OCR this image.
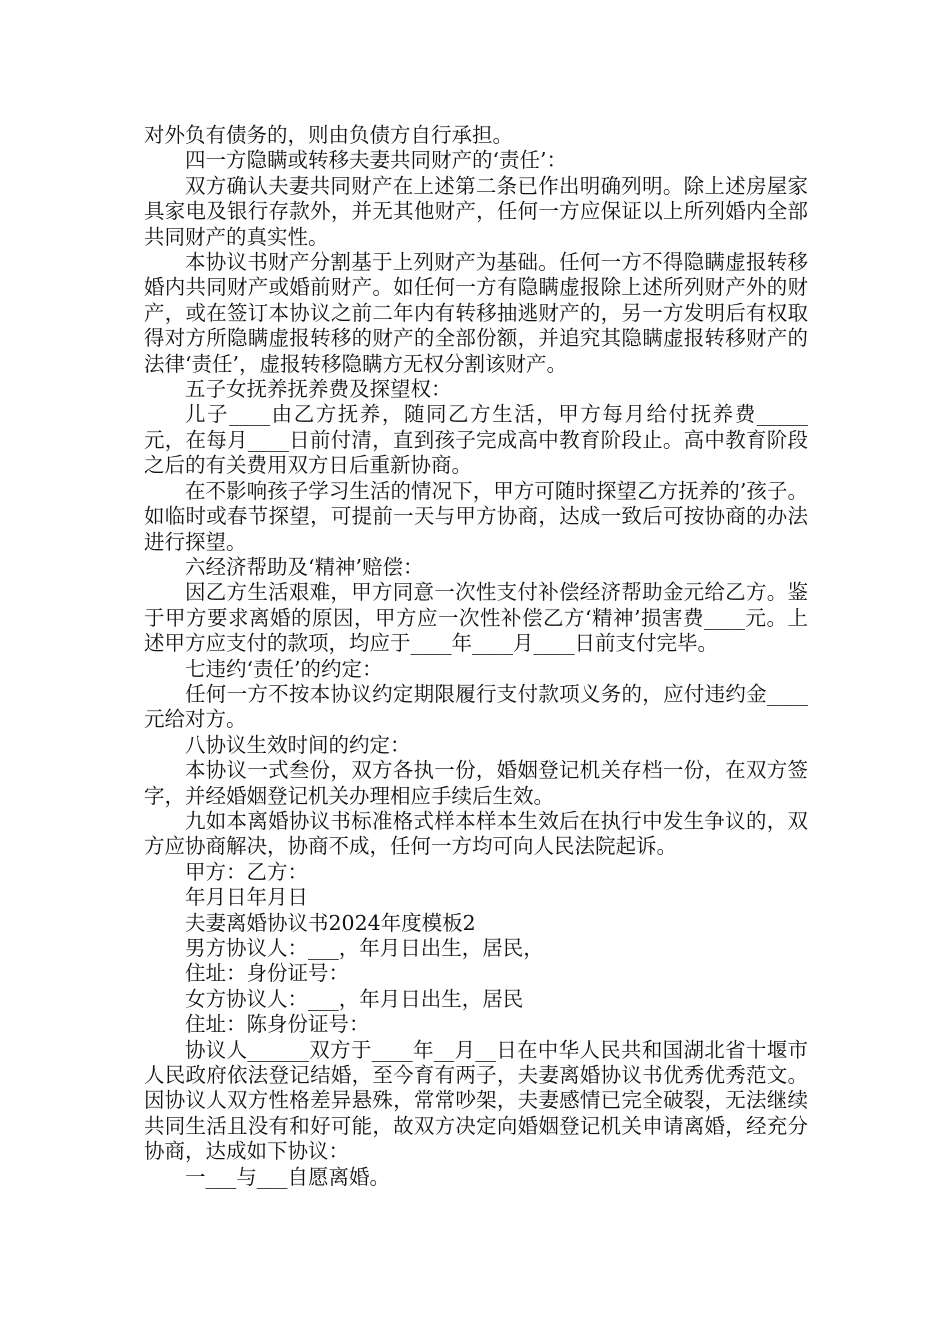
对外负有债务的，则由负债方自行承担。

四一方隐瞒或转移夫妻共同财产的‘责任’：

双方确认夫妻共同财产在上述第二条已作出明确列明。除上述房屋家具家电及银行存款外，并无其他财产，任何一方应保证以上所列婚内全部共同财产的真实性。

本协议书财产分割基于上列财产为基础。任何一方不得隐瞒虚报转移婚内共同财产或婚前财产。如任何一方有隐瞒虚报除上述所列财产外的财产，或在签订本协议之前二年内有转移抽逃财产的，另一方发明后有权取得对方所隐瞒虚报转移的财产的全部份额，并追究其隐瞒虚报转移财产的法律‘责任’，虚报转移隐瞒方无权分割该财产。

五子女抚养抚养费及探望权：

儿子____由乙方抚养，随同乙方生活，甲方每月给付抚养费_____元，在每月____日前付清，直到孩子完成高中教育阶段止。高中教育阶段之后的有关费用双方日后重新协商。

在不影响孩子学习生活的情况下，甲方可随时探望乙方抚养的’孩子。如临时或春节探望，可提前一天与甲方协商，达成一致后可按协商的办法进行探望。

六经济帮助及‘精神’赔偿：

因乙方生活艰难，甲方同意一次性支付补偿经济帮助金元给乙方。鉴于甲方要求离婚的原因，甲方应一次性补偿乙方‘精神’损害费____元。上述甲方应支付的款项，均应于____年____月____日前支付完毕。

七违约‘责任’的约定：

任何一方不按本协议约定期限履行支付款项义务的，应付违约金____元给对方。

八协议生效时间的约定：

本协议一式叁份，双方各执一份，婚姻登记机关存档一份，在双方签字，并经婚姻登记机关办理相应手续后生效。

九如本离婚协议书标准格式样本样本生效后在执行中发生争议的，双方应协商解决，协商不成，任何一方均可向人民法院起诉。

甲方：乙方：

年月日年月日

夫妻离婚协议书2024年度模板2

男方协议人：___，年月日出生，居民，

住址：身份证号：

女方协议人：___，年月日出生，居民

住址：陈身份证号：

协议人______双方于____年__月__日在中华人民共和国湖北省十堰市人民政府依法登记结婚，至今育有两子，夫妻离婚协议书优秀优秀范文。因协议人双方性格差异悬殊，常常吵架，夫妻感情已完全破裂，无法继续共同生活且没有和好可能，故双方决定向婚姻登记机关申请离婚，经充分协商，达成如下协议：

一___与___自愿离婚。
